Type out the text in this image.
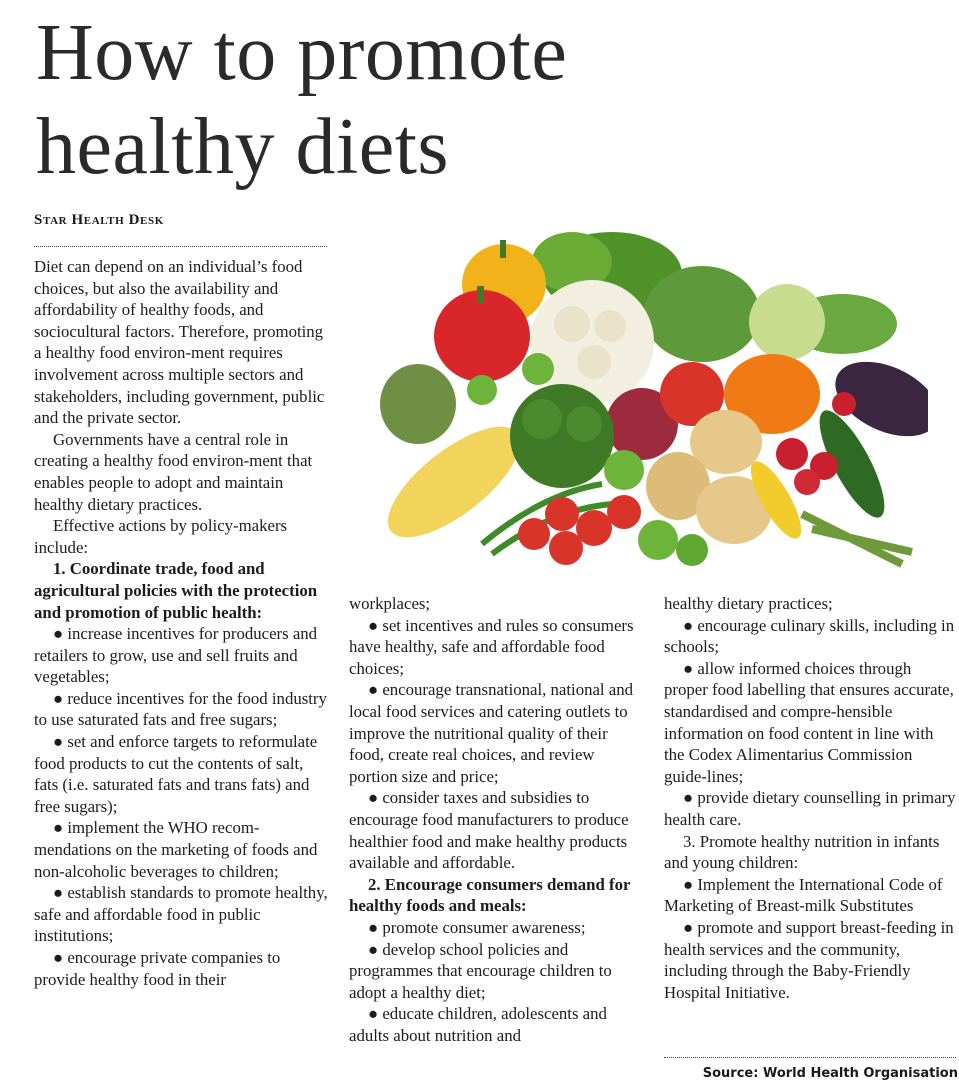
How to promote
healthy diets
Star Health Desk

Diet can depend on an individual’s food choices, but also the availability and affordability of healthy foods, and sociocultural factors. Therefore, promoting a healthy food environ-ment requires involvement across multiple sectors and stakeholders, including government, public and the private sector.

Governments have a central role in creating a healthy food environ-ment that enables people to adopt and maintain healthy dietary practices.

Effective actions by policy-makers include:

1. Coordinate trade, food and agricultural policies with the protection and promotion of public health:

● increase incentives for producers and retailers to grow, use and sell fruits and vegetables;

● reduce incentives for the food industry to use saturated fats and free sugars;

● set and enforce targets to reformulate food products to cut the contents of salt, fats (i.e. saturated fats and trans fats) and free sugars);

● implement the WHO recom-mendations on the marketing of foods and non-alcoholic beverages to children;

● establish standards to promote healthy, safe and affordable food in public institutions;

● encourage private companies to provide healthy food in their

workplaces;

● set incentives and rules so consumers have healthy, safe and affordable food choices;

● encourage transnational, national and local food services and catering outlets to improve the nutritional quality of their food, create real choices, and review portion size and price;

● consider taxes and subsidies to encourage food manufacturers to produce healthier food and make healthy products available and affordable.

2. Encourage consumers demand for healthy foods and meals:

● promote consumer awareness;

● develop school policies and programmes that encourage children to adopt a healthy diet;

● educate children, adolescents and adults about nutrition and

healthy dietary practices;

● encourage culinary skills, including in schools;

● allow informed choices through proper food labelling that ensures accurate, standardised and compre-hensible information on food content in line with the Codex Alimentarius Commission guide-lines;

● provide dietary counselling in primary health care.

3. Promote healthy nutrition in infants and young children:

● Implement the International Code of Marketing of Breast-milk Substitutes

● promote and support breast-feeding in health services and the community, including through the Baby-Friendly Hospital Initiative.

Source: World Health Organisation
